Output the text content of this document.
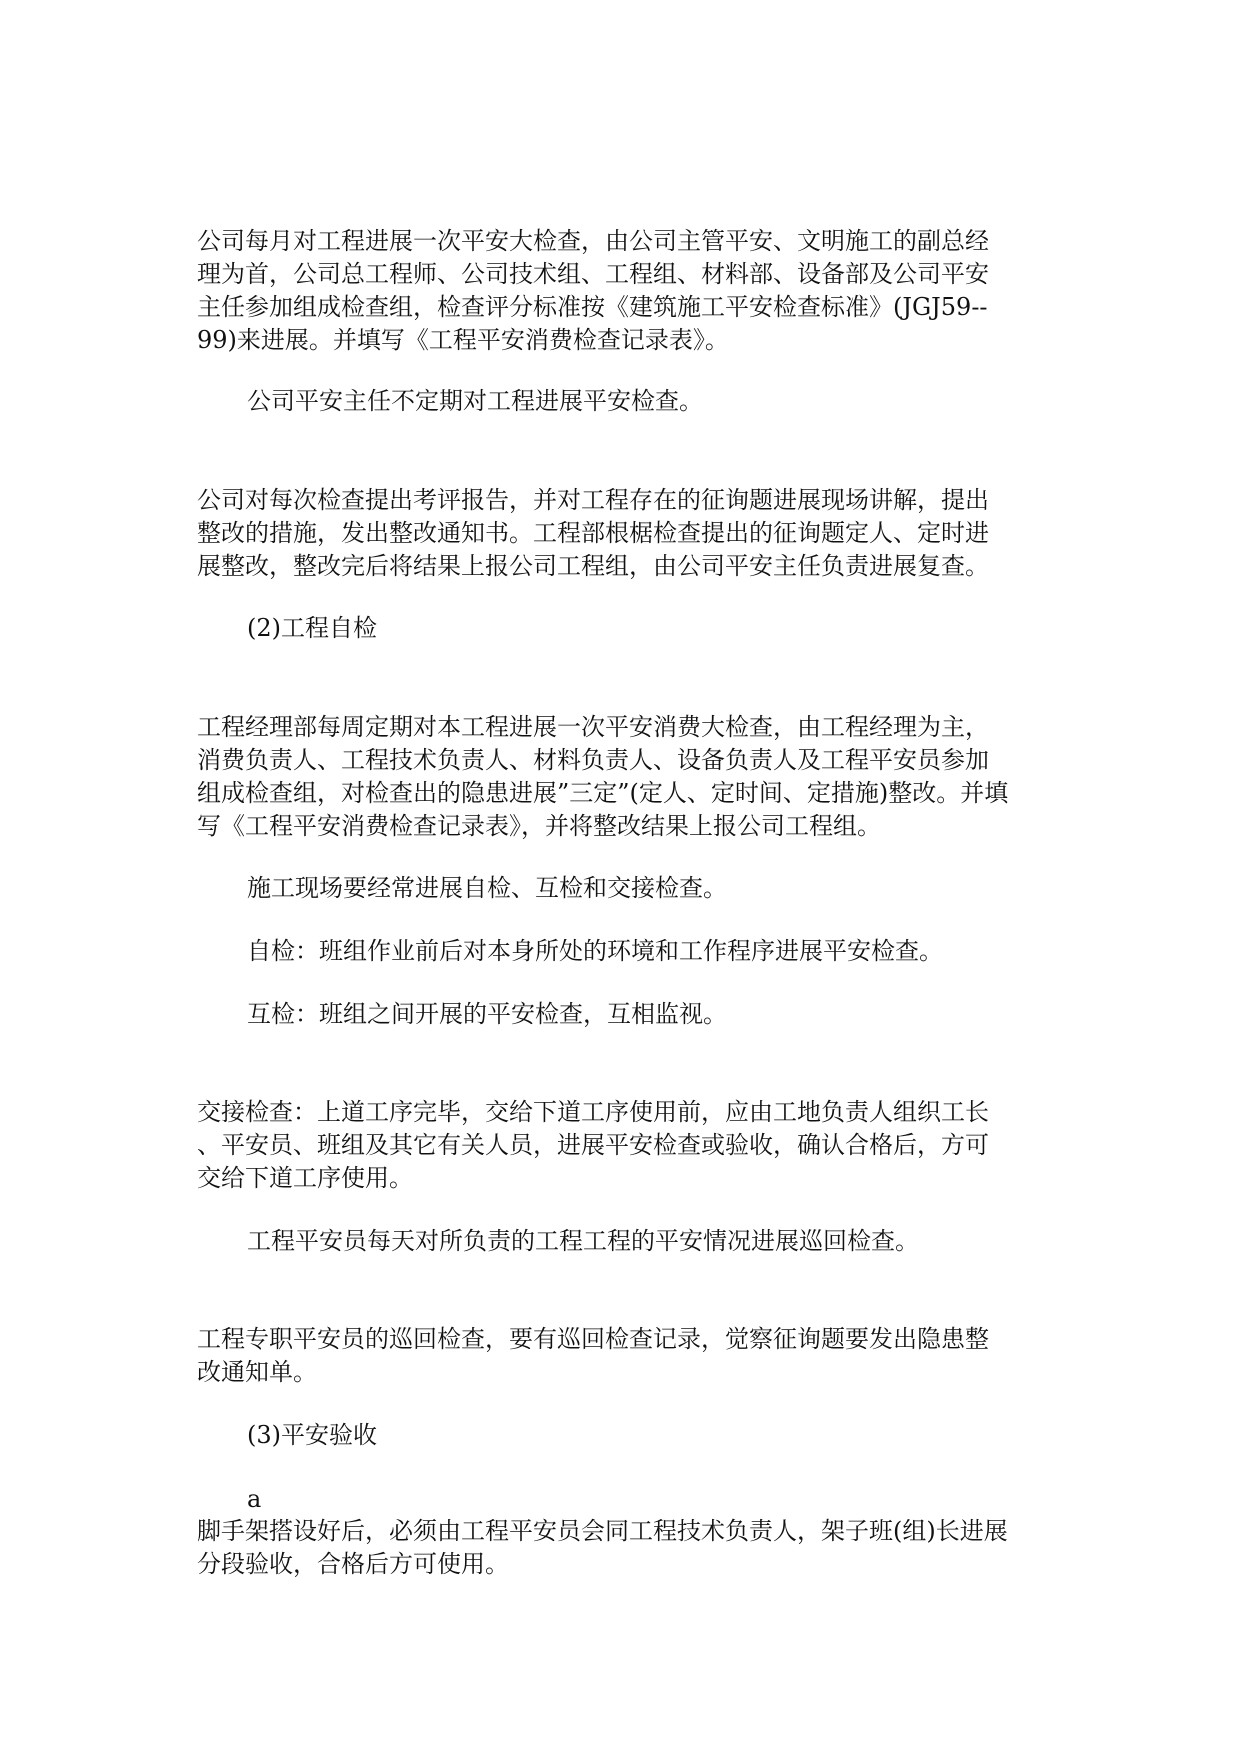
公司每月对工程进展一次平安大检查，由公司主管平安、文明施工的副总经
理为首，公司总工程师、公司技术组、工程组、材料部、设备部及公司平安
主任参加组成检查组，检查评分标准按《建筑施工平安检查标准》(JGJ59--
99)来进展。并填写《工程平安消费检查记录表》。

公司平安主任不定期对工程进展平安检查。

公司对每次检查提出考评报告，并对工程存在的征询题进展现场讲解，提出
整改的措施，发出整改通知书。工程部根椐检查提出的征询题定人、定时进
展整改，整改完后将结果上报公司工程组，由公司平安主任负责进展复查。

(2)工程自检

工程经理部每周定期对本工程进展一次平安消费大检查，由工程经理为主，
消费负责人、工程技术负责人、材料负责人、设备负责人及工程平安员参加
组成检查组，对检查出的隐患进展”三定”(定人、定时间、定措施)整改。并填
写《工程平安消费检查记录表》，并将整改结果上报公司工程组。

施工现场要经常进展自检、互检和交接检查。

自检：班组作业前后对本身所处的环境和工作程序进展平安检查。

互检：班组之间开展的平安检查，互相监视。

交接检查：上道工序完毕，交给下道工序使用前，应由工地负责人组织工长
、平安员、班组及其它有关人员，进展平安检查或验收，确认合格后，方可
交给下道工序使用。

工程平安员每天对所负责的工程工程的平安情况进展巡回检查。

工程专职平安员的巡回检查，要有巡回检查记录，觉察征询题要发出隐患整
改通知单。

(3)平安验收

a

脚手架搭设好后，必须由工程平安员会同工程技术负责人，架子班(组)长进展
分段验收，合格后方可使用。
